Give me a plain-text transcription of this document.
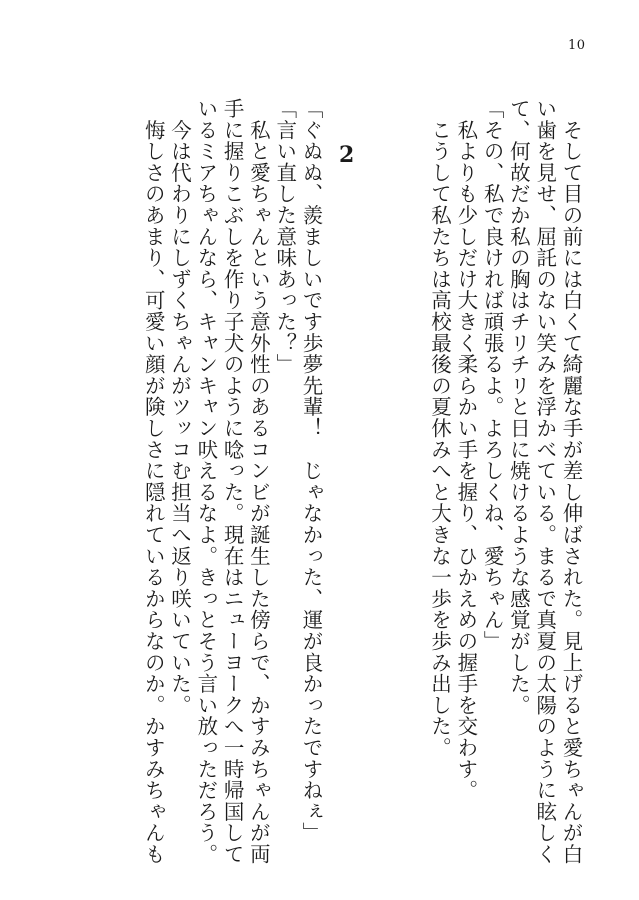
10
　そして目の前には白くて綺麗な手が差し伸ばされた。見上げると愛ちゃんが白
い歯を見せ、屈託のない笑みを浮かべている。まるで真夏の太陽のように眩しく
て、何故だか私の胸はチリチリと日に焼けるような感覚がした。
「その、私で良ければ頑張るよ。よろしくね、愛ちゃん」
　私よりも少しだけ大きく柔らかい手を握り、ひかえめの握手を交わす。
　こうして私たちは高校最後の夏休みへと大きな一歩を歩み出した。
2
「ぐぬぬ、羨ましいです歩夢先輩！　じゃなかった、運が良かったですねぇ」
「言い直した意味あった？」
　私と愛ちゃんという意外性のあるコンビが誕生した傍らで、かすみちゃんが両
手に握りこぶしを作り子犬のように唸った。現在はニューヨークへ一時帰国して
いるミアちゃんなら、キャンキャン吠えるなよ。きっとそう言い放っただろう。
　今は代わりにしずくちゃんがツッコむ担当へ返り咲いていた。
　悔しさのあまり、可愛い顔が険しさに隠れているからなのか。かすみちゃんも
